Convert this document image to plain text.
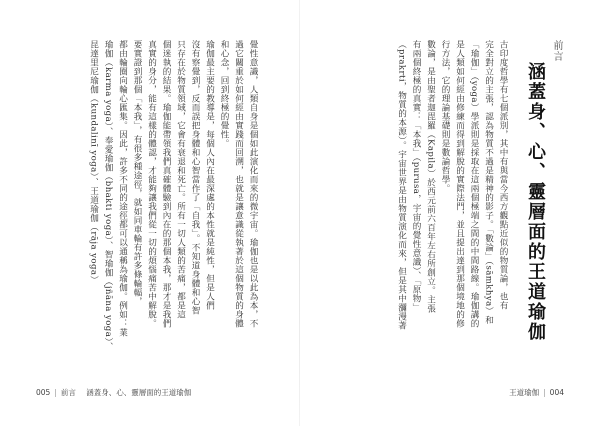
覺性意識，人類自身是個如此演化而來的微宇宙。瑜伽也是以此為本，不
過它關重於如何經由實踐而回溯，也就是讓意識從執著於這個物質的身體
和心念，回到終極的覺性。
瑜伽最主要的教導是，每個人內在最深處的本性就是純性，但是人們
沒有察覺到，反而誤把身體和心智當作了「自我」。不知道身體和心智
只存在於物質領域，它會有衰退和死亡。所有一切人類的苦痛，都是這
個迷執的結果。瑜伽能帶領我們真確體驗到內在的那個本我，那才是我們
真實的身分，能有這樣的體認，才能夠讓我們從一切的煩惱痛苦中解脫。
要實證到那個「本我」，有很多種途徑，就如同車輪有許多條輪輻，
都由輪圈向輪心匯集。因此，許多不同的途徑都可以通稱為瑜伽。例如：業
瑜伽（karma yoga）、奉愛瑜伽（bhakti yoga）、智瑜伽（jñāna yoga）、
昆達里尼瑜伽（kundalinī yoga）、王道瑜伽（rāja yoga）
005 | 前言 涵蓋身、心、靈層面的王道瑜伽
前言
涵蓋身、心、靈層面的王道瑜伽
古印度哲學有七個派別，其中有與當今西方觀點近似的物質論，也有
完全對立的主張，認為物質不過是精神的影子。「數論」（sāmkhya）和
「瑜伽」（yoga）學派則是採取在這兩個極端之間的中間路線。瑜伽講的
是人類如何經由修練而得到解脫的實際法門，並且提出達到那個境地的修
行方法，它的理論基礎則是數論哲學。
數論，是由聖者迦毘羅（Kapila）於西元前六百年左右所創立。主張
有兩個終極的真實：「本我」（purusa，宇宙的覺性意識）、「原物」
（prakrti，物質的本源）。宇宙世界是由物質演化而來，但是其中瀰漫著
王道瑜伽 | 004
